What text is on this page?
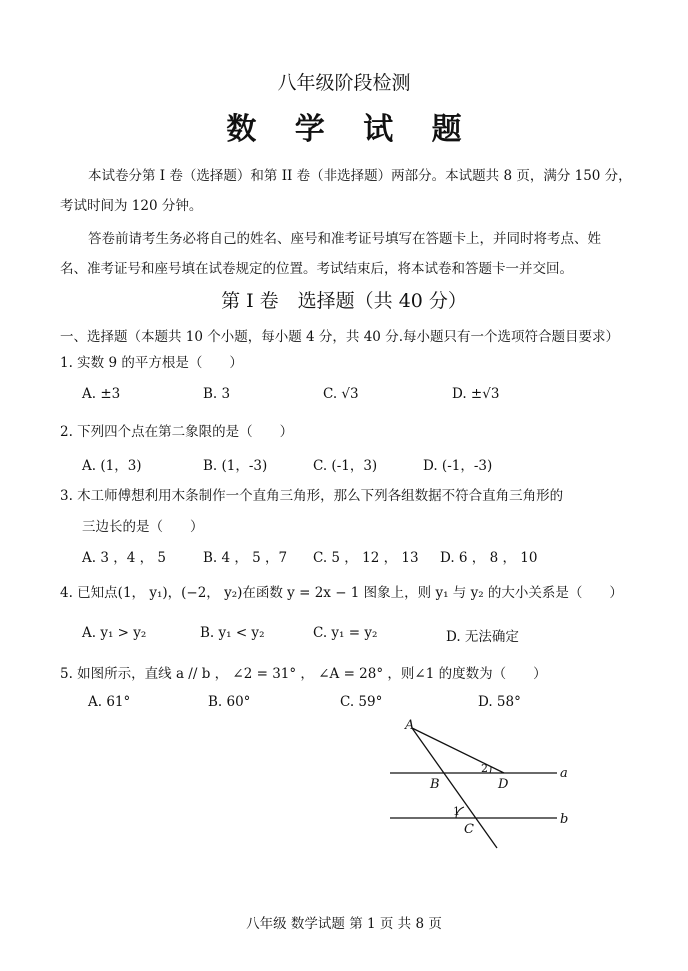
八年级阶段检测
数 学 试 题
本试卷分第 I 卷（选择题）和第 II 卷（非选择题）两部分。本试题共 8 页，满分 150 分，
考试时间为 120 分钟。
答卷前请考生务必将自己的姓名、座号和准考证号填写在答题卡上，并同时将考点、姓
名、准考证号和座号填在试卷规定的位置。考试结束后，将本试卷和答题卡一并交回。
第 I 卷　选择题（共 40 分）
一、选择题（本题共 10 个小题，每小题 4 分，共 40 分.每小题只有一个选项符合题目要求）
1. 实数 9 的平方根是（　　）
A. ±3	B. 3	C. √3	D. ±√3
2. 下列四个点在第二象限的是（　　）
A. (1，3)	B. (1，-3)	C. (-1，3)	D. (-1，-3)
3. 木工师傅想利用木条制作一个直角三角形，那么下列各组数据不符合直角三角形的
三边长的是（　　）
A. 3 ，4 ， 5	B. 4 ， 5 ，7 C. 5 ， 12 ， 13 D. 6 ， 8 ， 10
4. 已知点(1， y₁)，(−2， y₂)在函数 y = 2x − 1 图象上，则 y₁ 与 y₂ 的大小关系是（　　）
A. y₁ > y₂	B. y₁ < y₂	C. y₁ = y₂	D. 无法确定
5. 如图所示，直线 a // b ， ∠2 = 31° ， ∠A = 28° ，则∠1 的度数为（　　）
A. 61°	B. 60°	C. 59°	D. 58°
A
B
C
D
a
b
1
2
八年级 数学试题 第 1 页 共 8 页
